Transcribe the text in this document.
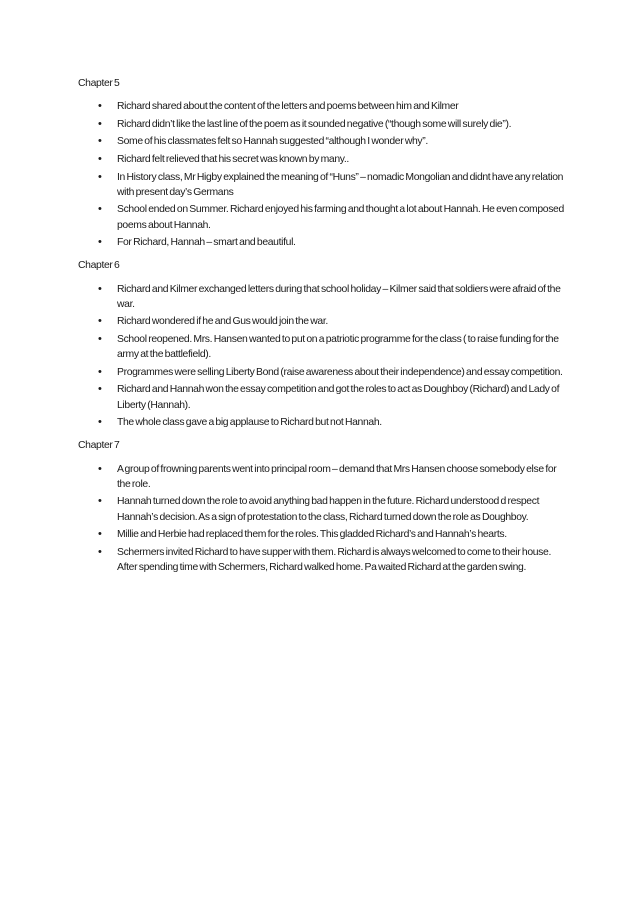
Chapter 5
• Richard shared about the content of the letters and poems between him and Kilmer
• Richard didn’t like the last line of the poem as it sounded negative (“though some will surely die”).
• Some of his classmates felt so Hannah suggested “although I wonder why”.
• Richard felt relieved that his secret was known by many..
• In History class, Mr Higby explained the meaning of “Huns” – nomadic Mongolian and didnt have any relation with present day’s Germans
• School ended on Summer. Richard enjoyed his farming and thought a lot about Hannah. He even composed poems about Hannah.
• For Richard, Hannah – smart and beautiful.
Chapter 6
• Richard and Kilmer exchanged letters during that school holiday – Kilmer said that soldiers were afraid of the war.
• Richard wondered if he and Gus would join the war.
• School reopened. Mrs. Hansen wanted to put on a patriotic programme for the class ( to raise funding for the army at the battlefield).
• Programmes were selling Liberty Bond (raise awareness about their independence) and essay competition.
• Richard and Hannah won the essay competition and got the roles to act as Doughboy (Richard) and Lady of Liberty (Hannah).
• The whole class gave a big applause to Richard but not Hannah.
Chapter 7
• A group of frowning parents went into principal room – demand that Mrs Hansen choose somebody else for the role.
• Hannah turned down the role to avoid anything bad happen in the future. Richard understood d respect Hannah’s decision. As a sign of protestation to the class, Richard turned down the role as Doughboy.
• Millie and Herbie had replaced them for the roles. This gladded Richard’s and Hannah’s hearts.
• Schermers invited Richard to have supper with them. Richard is always welcomed to come to their house. After spending time with Schermers, Richard walked home. Pa waited Richard at the garden swing.
